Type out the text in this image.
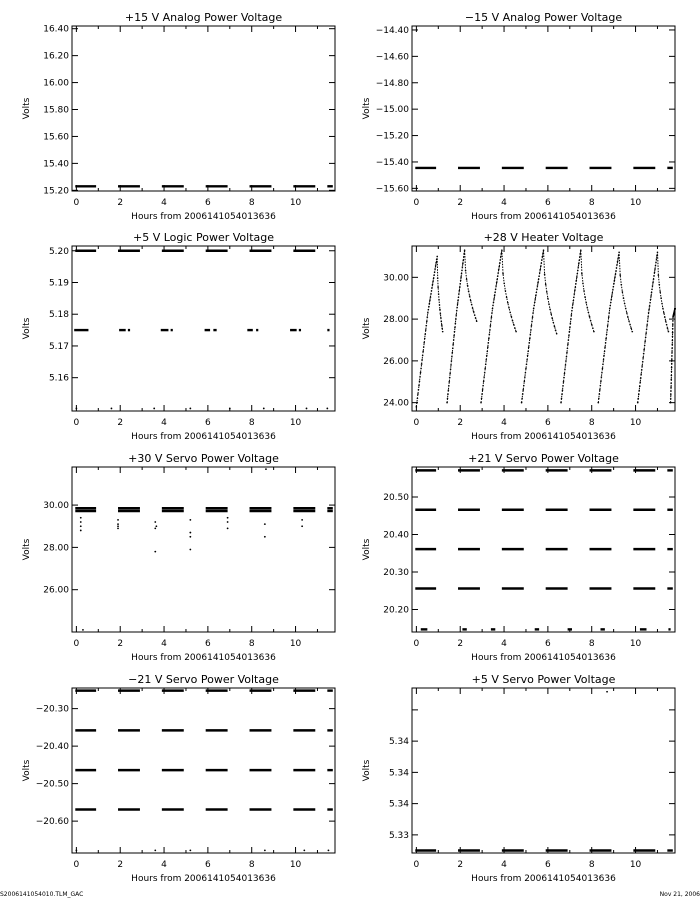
+15 V Analog Power Voltage
Hours from 2006141054013636
Volts
0	2	4	6	8	10
15.20
15.40
15.60
15.80
16.00
16.20
16.40
−15 V Analog Power Voltage
Hours from 2006141054013636
Volts
0	2	4	6	8	10
−15.60
−15.40
−15.20
−15.00
−14.80
−14.60
−14.40
+5 V Logic Power Voltage
Hours from 2006141054013636
Volts
0	2	4	6	8	10
5.16
5.17
5.18
5.19
5.20
+28 V Heater Voltage
Hours from 2006141054013636
Volts
0	2	4	6	8	10
24.00
26.00
28.00
30.00
+30 V Servo Power Voltage
Hours from 2006141054013636
Volts
0	2	4	6	8	10
26.00
28.00
30.00
+21 V Servo Power Voltage
Hours from 2006141054013636
Volts
0	2	4	6	8	10
20.20
20.30
20.40
20.50
−21 V Servo Power Voltage
Hours from 2006141054013636
Volts
0	2	4	6	8	10
−20.60
−20.50
−20.40
−20.30
+5 V Servo Power Voltage
Hours from 2006141054013636
Volts
0	2	4	6	8	10
5.33
5.34
5.34
5.34
S2006141054010.TLM_GAC	Nov 21, 2006
